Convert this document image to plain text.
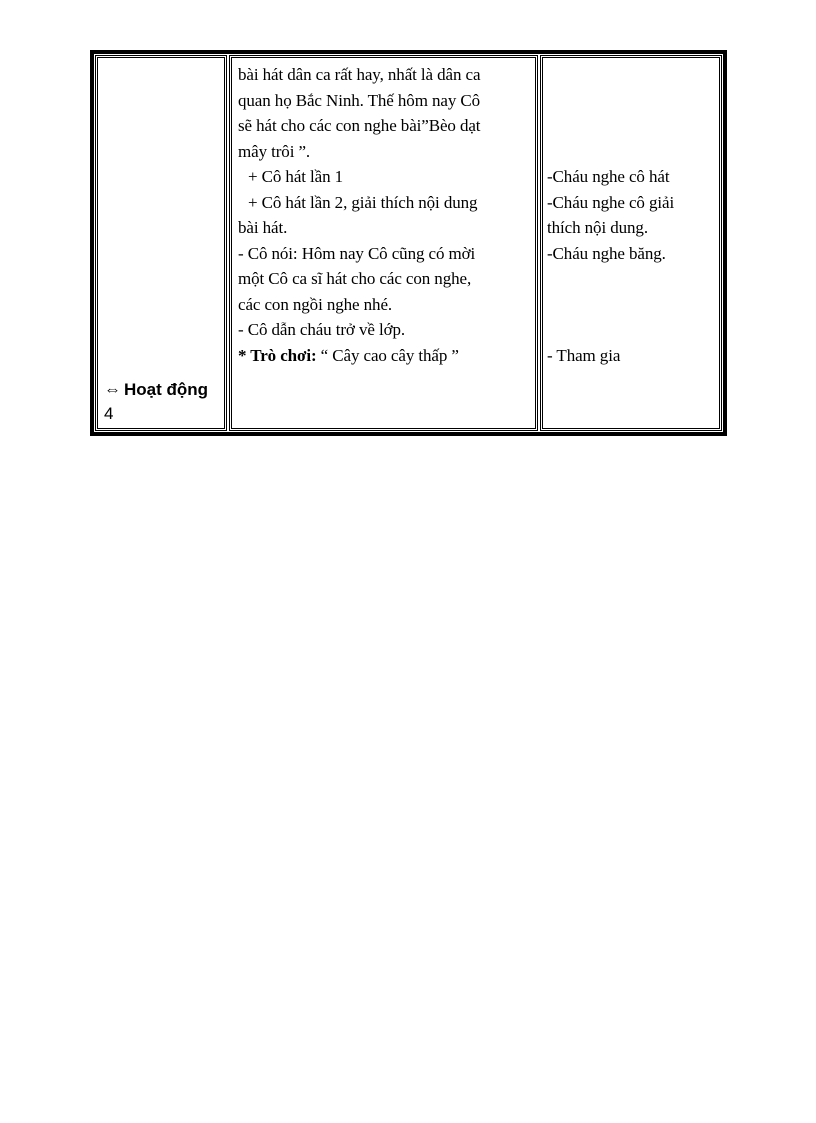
⇔ Hoạt động
4
bài hát dân ca rất hay, nhất là dân ca
quan họ Bắc Ninh. Thế hôm nay Cô
sẽ hát cho các con nghe bài”Bèo dạt
mây trôi ”.
+ Cô hát lần 1
+ Cô hát lần 2, giải thích nội dung
bài hát.
- Cô nói: Hôm nay Cô cũng có mời
một Cô ca sĩ hát cho các con nghe,
các con ngồi nghe nhé.
- Cô dẫn cháu trở về lớp.
* Trò chơi: “ Cây cao cây thấp ”
-Cháu nghe cô hát
-Cháu nghe cô giải
thích nội dung.
-Cháu nghe băng.
- Tham gia
